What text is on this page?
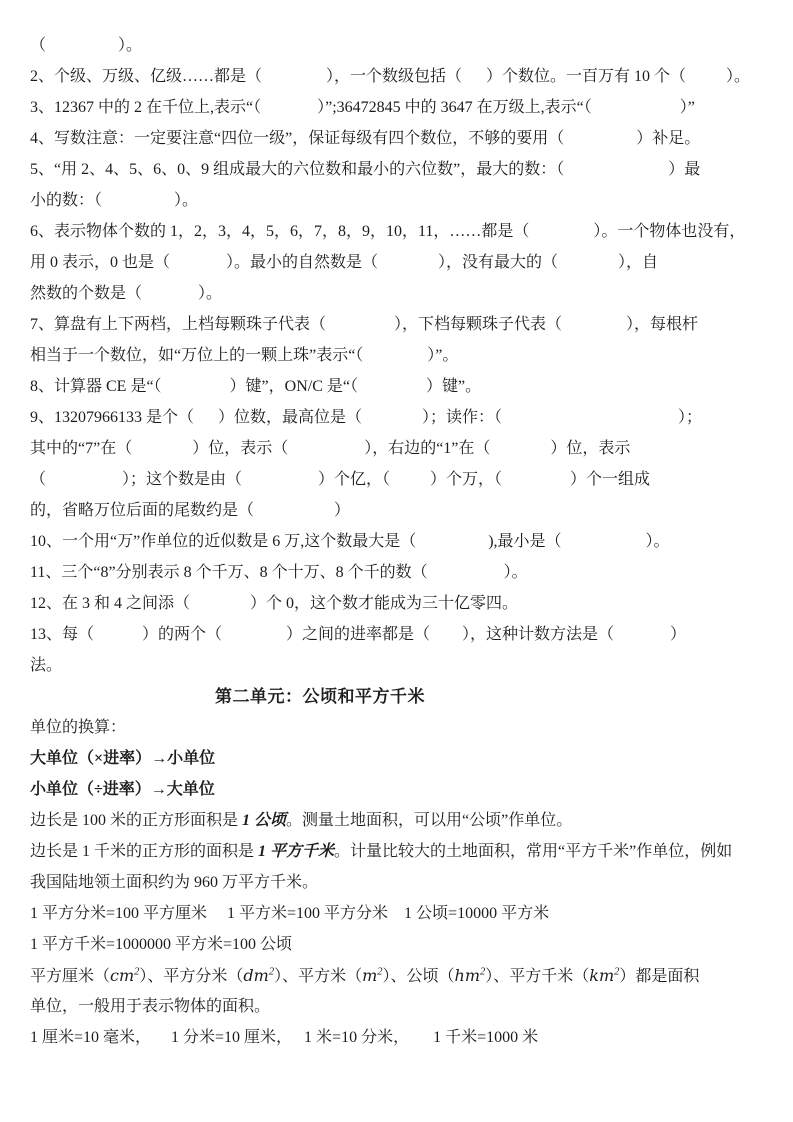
（                  ）。
2、个级、万级、亿级……都是（                ），一个数级包括（      ）个数位。一百万有 10 个（          ）。
3、12367 中的 2 在千位上,表示“（              ）”;36472845 中的 3647 在万级上,表示“（                      ）”
4、写数注意：一定要注意“四位一级”，保证每级有四个数位，不够的要用（                  ）补足。
5、“用 2、4、5、6、0、9 组成最大的六位数和最小的六位数”，最大的数：（                          ）最
小的数：（                  ）。
6、表示物体个数的 1，2，3，4，5，6，7，8，9，10，11，……都是（                ）。一个物体也没有，
用 0 表示，0 也是（              ）。最小的自然数是（               ），没有最大的（               ），自
然数的个数是（              ）。
7、算盘有上下两档，上档每颗珠子代表（                 ），下档每颗珠子代表（                ），每根杆
相当于一个数位，如“万位上的一颗上珠”表示“（                ）”。
8、计算器 CE 是“（                 ）键”，ON/C 是“（                 ）键”。
9、13207966133 是个（      ）位数，最高位是（               ）；读作：（                                            ）；
其中的“7”在（               ）位，表示（                   ），右边的“1”在（               ）位，表示
（                   ）；这个数是由（                   ）个亿，（          ）个万，（                 ）个一组成
的，省略万位后面的尾数约是（                    ）
10、一个用“万”作单位的近似数是 6 万,这个数最大是（                  ),最小是（                     ）。
11、三个“8”分别表示 8 个千万、8 个十万、8 个千的数（                   ）。
12、在 3 和 4 之间添（               ）个 0，这个数才能成为三十亿零四。
13、每（            ）的两个（                ）之间的进率都是（        ），这种计数方法是（              ）
法。
第二单元：公顷和平方千米
单位的换算：
大单位（×进率）→小单位
小单位（÷进率）→大单位
边长是 100 米的正方形面积是 1 公顷。测量土地面积，可以用“公顷”作单位。
边长是 1 千米的正方形的面积是 1 平方千米。计量比较大的土地面积，常用“平方千米”作单位，例如
我国陆地领土面积约为 960 万平方千米。
1 平方分米=100 平方厘米     1 平方米=100 平方分米    1 公顷=10000 平方米
1 平方千米=1000000 平方米=100 公顷
平方厘米$(cm^2)$、平方分米$(dm^2)$、平方米$(m^2)$、公顷$(hm^2)$、平方千米$(km^2)$都是面积
单位，一般用于表示物体的面积。
1 厘米=10 毫米，     1 分米=10 厘米，   1 米=10 分米，      1 千米=1000 米
